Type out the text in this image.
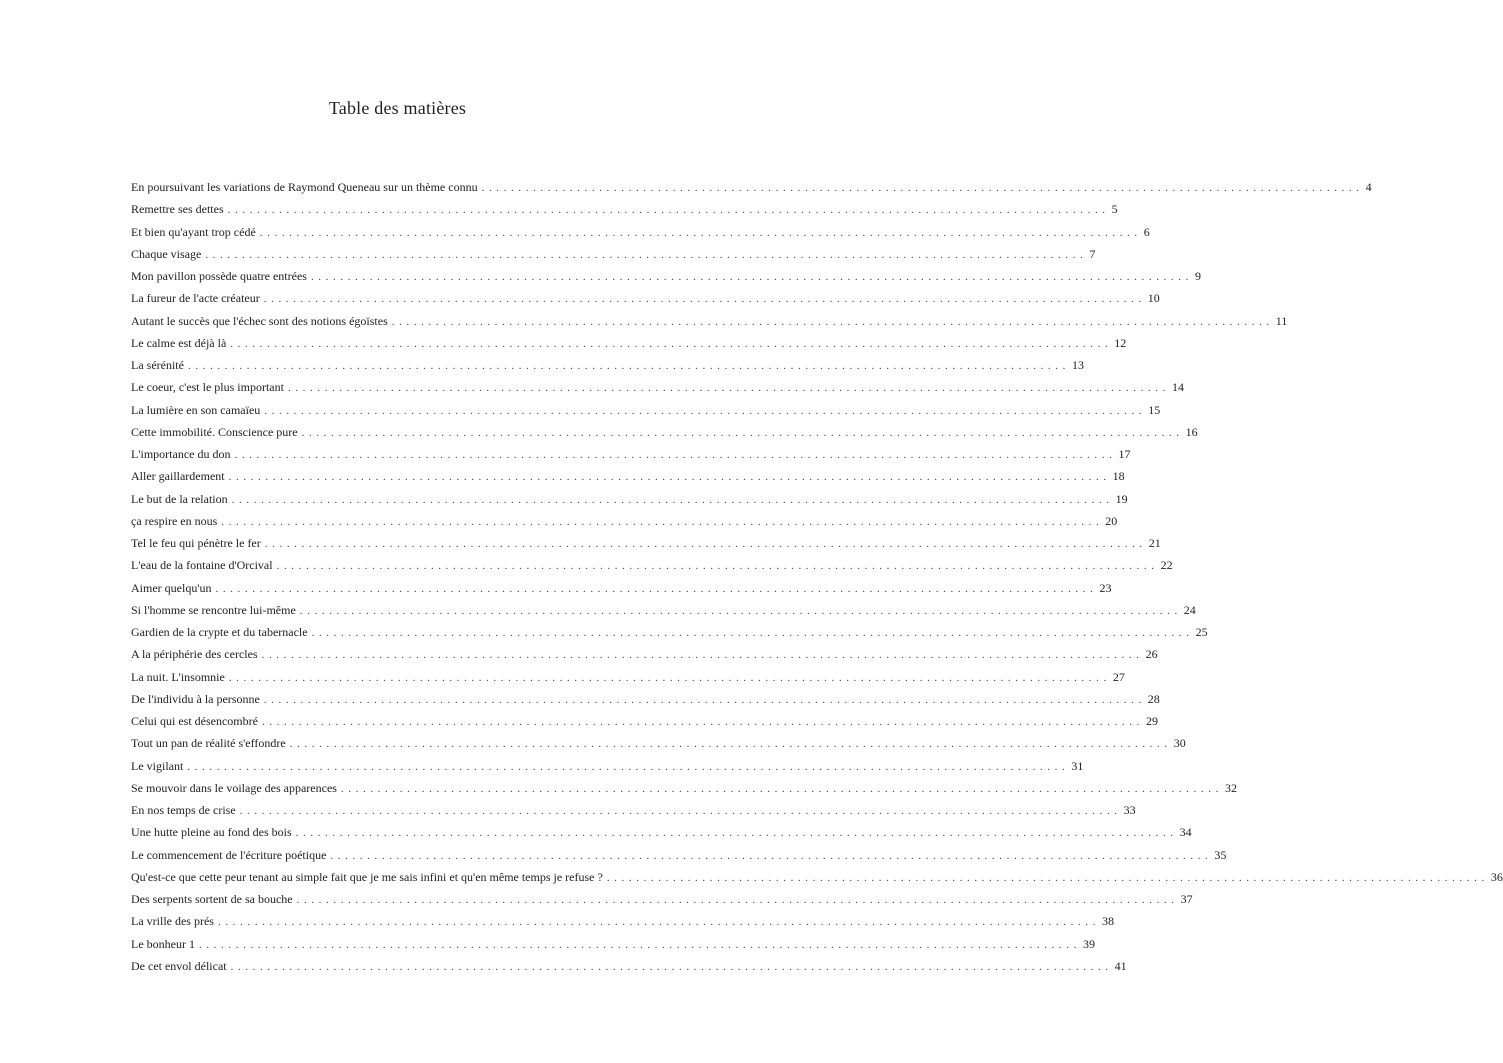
Table des matières
En poursuivant les variations de Raymond Queneau sur un thème connu ........................................................................................................................ 4
Remettre ses dettes ........................................................................................................................ 5
Et bien qu'ayant trop cédé ........................................................................................................................ 6
Chaque visage ........................................................................................................................ 7
Mon pavillon possède quatre entrées ........................................................................................................................ 9
La fureur de l'acte créateur ........................................................................................................................ 10
Autant le succès que l'échec sont des notions égoïstes ........................................................................................................................ 11
Le calme est déjà là ........................................................................................................................ 12
La sérénité ........................................................................................................................ 13
Le coeur, c'est le plus important ........................................................................................................................ 14
La lumière en son camaïeu ........................................................................................................................ 15
Cette immobilité. Conscience pure ........................................................................................................................ 16
L'importance du don ........................................................................................................................ 17
Aller gaillardement ........................................................................................................................ 18
Le but de la relation ........................................................................................................................ 19
ça respire en nous ........................................................................................................................ 20
Tel le feu qui pénètre le fer ........................................................................................................................ 21
L'eau de la fontaine d'Orcival ........................................................................................................................ 22
Aimer quelqu'un ........................................................................................................................ 23
Si l'homme se rencontre lui-même ........................................................................................................................ 24
Gardien de la crypte et du tabernacle ........................................................................................................................ 25
A la périphérie des cercles ........................................................................................................................ 26
La nuit. L'insomnie ........................................................................................................................ 27
De l'individu à la personne ........................................................................................................................ 28
Celui qui est désencombré ........................................................................................................................ 29
Tout un pan de réalité s'effondre ........................................................................................................................ 30
Le vigilant ........................................................................................................................ 31
Se mouvoir dans le voilage des apparences ........................................................................................................................ 32
En nos temps de crise ........................................................................................................................ 33
Une hutte pleine au fond des bois ........................................................................................................................ 34
Le commencement de l'écriture poétique ........................................................................................................................ 35
Qu'est-ce que cette peur tenant au simple fait que je me sais infini et qu'en même temps je refuse ? ........................................................................................................................ 36
Des serpents sortent de sa bouche ........................................................................................................................ 37
La vrille des prés ........................................................................................................................ 38
Le bonheur 1 ........................................................................................................................ 39
De cet envol délicat ........................................................................................................................ 41
